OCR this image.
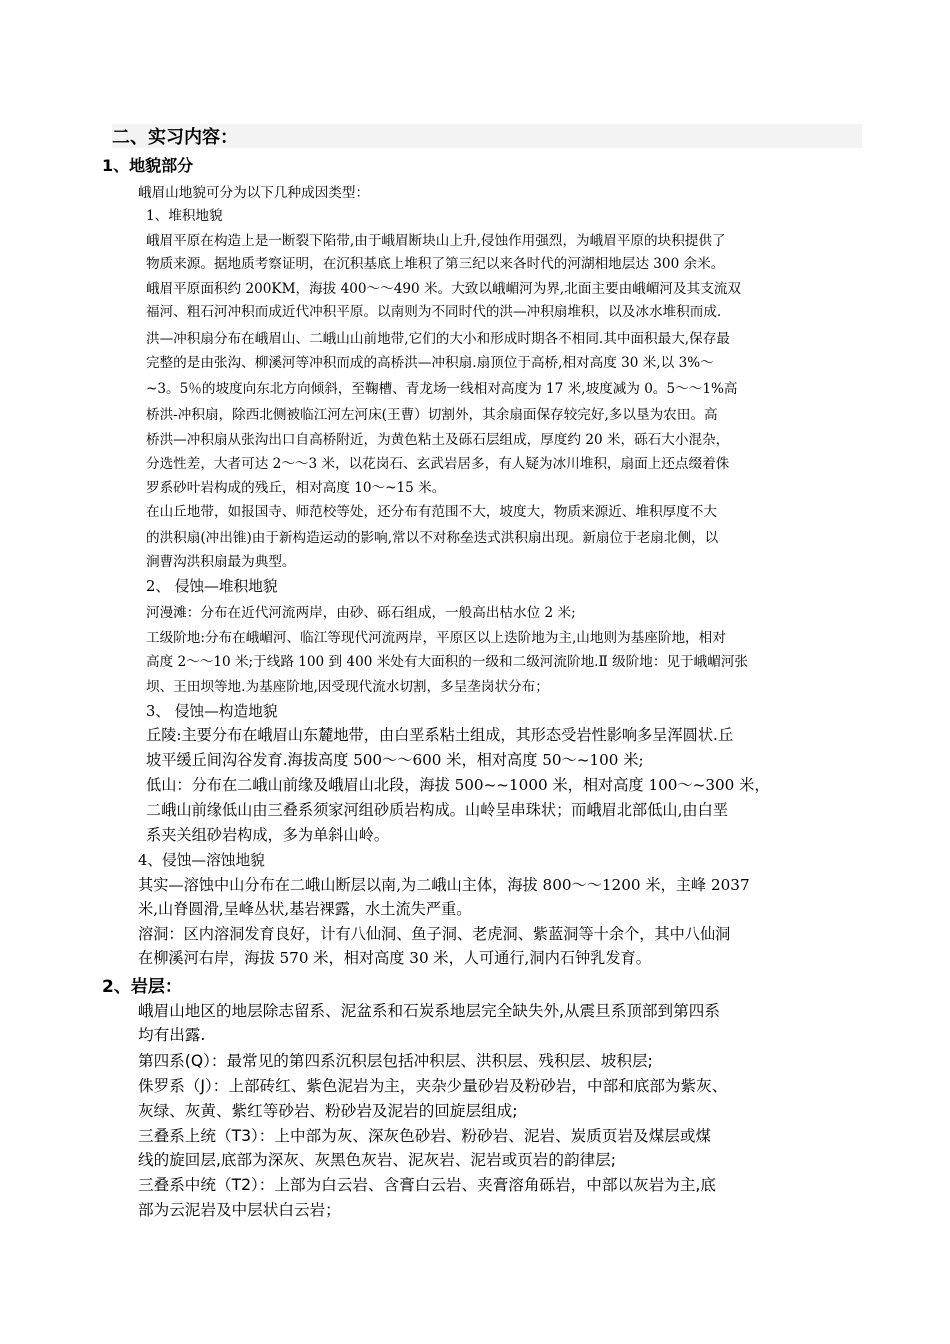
二、实习内容：
1、地貌部分
峨眉山地貌可分为以下几种成因类型：
1、堆积地貌
峨眉平原在构造上是一断裂下陷带,由于峨眉断块山上升,侵蚀作用强烈，为峨眉平原的块积提供了
物质来源。据地质考察证明，在沉积基底上堆积了第三纪以来各时代的河湖相地层达 300 余米。
峨眉平原面积约 200KM，海拔 400～～490 米。大致以峨嵋河为界,北面主要由峨嵋河及其支流双
福河、粗石河冲积而成近代冲积平原。以南则为不同时代的洪—冲积扇堆积，以及冰水堆积而成.
洪—冲积扇分布在峨眉山、二峨山山前地带,它们的大小和形成时期各不相同.其中面积最大,保存最
完整的是由张沟、柳溪河等冲积而成的高桥洪—冲积扇.扇顶位于高桥,相对高度 30 米,以 3%～
~3。5％的坡度向东北方向倾斜，至鞠槽、青龙场一线相对高度为 17 米,坡度减为 0。5～～1%高
桥洪-冲积扇，除西北侧被临江河左河床(王曹）切割外，其余扇面保存较完好,多以垦为农田。高
桥洪—冲积扇从张沟出口自高桥附近，为黄色粘土及砾石层组成，厚度约 20 米，砾石大小混杂，
分选性差，大者可达 2～～3 米，以花岗石、玄武岩居多，有人疑为冰川堆积，扇面上还点缀着侏
罗系砂叶岩构成的残丘，相对高度 10～~15 米。
在山丘地带，如报国寺、师范校等处，还分布有范围不大，坡度大，物质来源近、堆积厚度不大
的洪积扇(冲出锥)由于新构造运动的影响,常以不对称垒迭式洪积扇出现。新扇位于老扇北侧，以
涧曹沟洪积扇最为典型。
2、 侵蚀—堆积地貌
河漫滩：分布在近代河流两岸，由砂、砾石组成，一般高出枯水位 2 米;
工级阶地:分布在峨嵋河、临江等现代河流两岸，平原区以上迭阶地为主,山地则为基座阶地，相对
高度 2～～10 米;于线路 100 到 400 米处有大面积的一级和二级河流阶地.Ⅱ 级阶地：见于峨嵋河张
坝、王田坝等地.为基座阶地,因受现代流水切割，多呈垄岗状分布；
3、 侵蚀—构造地貌
丘陵:主要分布在峨眉山东麓地带，由白垩系粘土组成，其形态受岩性影响多呈浑圆状.丘
坡平缓丘间沟谷发育.海拔高度 500～～600 米，相对高度 50～~100 米;
低山：分布在二峨山前缘及峨眉山北段，海拔 500~~1000 米，相对高度 100～~300 米，
二峨山前缘低山由三叠系须家河组砂质岩构成。山岭呈串珠状；而峨眉北部低山,由白垩
系夹关组砂岩构成，多为单斜山岭。
4、侵蚀—溶蚀地貌
其实—溶蚀中山分布在二峨山断层以南,为二峨山主体，海拔 800～～1200 米，主峰 2037
米,山脊圆滑,呈峰丛状,基岩裸露，水土流失严重。
溶洞：区内溶洞发育良好，计有八仙洞、鱼子洞、老虎洞、紫蓝洞等十余个，其中八仙洞
在柳溪河右岸，海拔 570 米，相对高度 30 米，人可通行,洞内石钟乳发育。
2、岩层：
峨眉山地区的地层除志留系、泥盆系和石炭系地层完全缺失外,从震旦系顶部到第四系
均有出露.
第四系(Q）：最常见的第四系沉积层包括冲积层、洪积层、残积层、坡积层;
侏罗系（J）：上部砖红、紫色泥岩为主，夹杂少量砂岩及粉砂岩，中部和底部为紫灰、
灰绿、灰黄、紫红等砂岩、粉砂岩及泥岩的回旋层组成;
三叠系上统（T3）：上中部为灰、深灰色砂岩、粉砂岩、泥岩、炭质页岩及煤层或煤
线的旋回层,底部为深灰、灰黑色灰岩、泥灰岩、泥岩或页岩的韵律层;
三叠系中统（T2）：上部为白云岩、含膏白云岩、夹膏溶角砾岩，中部以灰岩为主,底
部为云泥岩及中层状白云岩；
